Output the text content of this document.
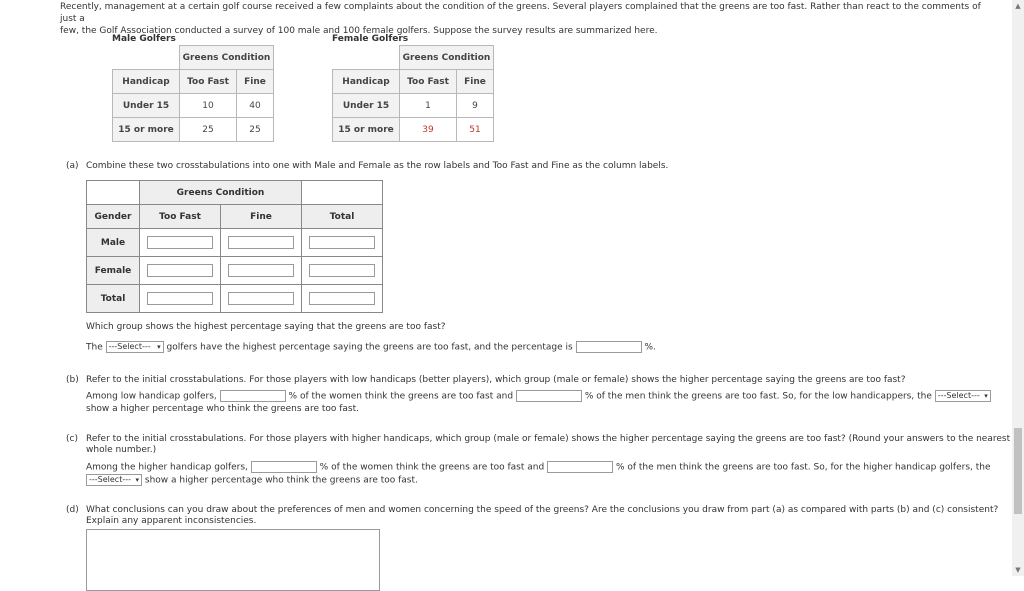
Recently, management at a certain golf course received a few complaints about the condition of the greens. Several players complained that the greens are too fast. Rather than react to the comments of just a
few, the Golf Association conducted a survey of 100 male and 100 female golfers. Suppose the survey results are summarized here.
Male Golfers
	Greens Condition	
Handicap	Too Fast	Fine
Under 15	10	40
15 or more	25	25
Female Golfers
	Greens Condition	
Handicap	Too Fast	Fine
Under 15	1	9
15 or more	39	51
(a) Combine these two crosstabulations into one with Male and Female as the row labels and Too Fast and Fine as the column labels.
	Greens Condition		
Gender	Too Fast	Fine	Total
Male	

Female	

Total	

Which group shows the highest percentage saying that the greens are too fast?
The ---Select--- ▾ golfers have the highest percentage saying the greens are too fast, and the percentage is	%.
(b) Refer to the initial crosstabulations. For those players with low handicaps (better players), which group (male or female) shows the higher percentage saying the greens are too fast?
Among low handicap golfers,	% of the women think the greens are too fast and	% of the men think the greens are too fast. So, for the low handicappers, the ---Select--- ▾
show a higher percentage who think the greens are too fast.
(c) Refer to the initial crosstabulations. For those players with higher handicaps, which group (male or female) shows the higher percentage saying the greens are too fast? (Round your answers to the nearest
whole number.)
Among the higher handicap golfers,	% of the women think the greens are too fast and	% of the men think the greens are too fast. So, for the higher handicap golfers, the
---Select--- ▾ show a higher percentage who think the greens are too fast.
(d) What conclusions can you draw about the preferences of men and women concerning the speed of the greens? Are the conclusions you draw from part (a) as compared with parts (b) and (c) consistent?
Explain any apparent inconsistencies.
▲
▼
